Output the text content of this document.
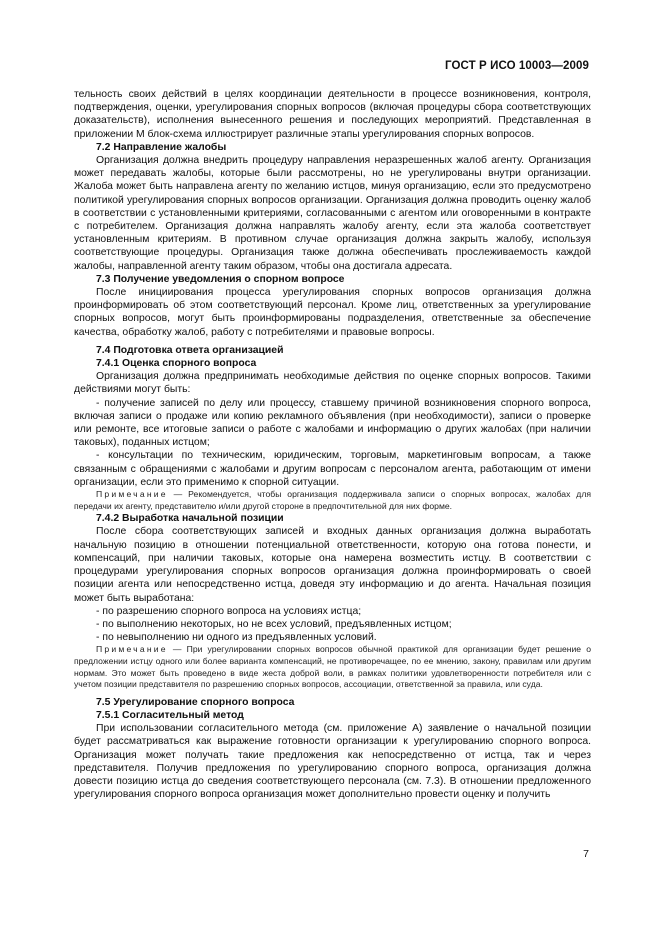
ГОСТ Р ИСО 10003—2009

тельность своих действий в целях координации деятельности в процессе возникновения, контроля, подтверждения, оценки, урегулирования спорных вопросов (включая процедуры сбора соответствующих доказательств), исполнения вынесенного решения и последующих мероприятий. Представленная в приложении М блок-схема иллюстрирует различные этапы урегулирования спорных вопросов.

7.2 Направление жалобы

Организация должна внедрить процедуру направления неразрешенных жалоб агенту. Организация может передавать жалобы, которые были рассмотрены, но не урегулированы внутри организации. Жалоба может быть направлена агенту по желанию истцов, минуя организацию, если это предусмотрено политикой урегулирования спорных вопросов организации. Организация должна проводить оценку жалоб в соответствии с установленными критериями, согласованными с агентом или оговоренными в контракте с потребителем. Организация должна направлять жалобу агенту, если эта жалоба соответствует установленным критериям. В противном случае организация должна закрыть жалобу, используя соответствующие процедуры. Организация также должна обеспечивать прослеживаемость каждой жалобы, направленной агенту таким образом, чтобы она достигала адресата.

7.3 Получение уведомления о спорном вопросе

После инициирования процесса урегулирования спорных вопросов организация должна проинформировать об этом соответствующий персонал. Кроме лиц, ответственных за урегулирование спорных вопросов, могут быть проинформированы подразделения, ответственные за обеспечение качества, обработку жалоб, работу с потребителями и правовые вопросы.

7.4 Подготовка ответа организацией

7.4.1 Оценка спорного вопроса

Организация должна предпринимать необходимые действия по оценке спорных вопросов. Такими действиями могут быть:

- получение записей по делу или процессу, ставшему причиной возникновения спорного вопроса, включая записи о продаже или копию рекламного объявления (при необходимости), записи о проверке или ремонте, все итоговые записи о работе с жалобами и информацию о других жалобах (при наличии таковых), поданных истцом;

- консультации по техническим, юридическим, торговым, маркетинговым вопросам, а также связанным с обращениями с жалобами и другим вопросам с персоналом агента, работающим от имени организации, если это применимо к спорной ситуации.

Примечание — Рекомендуется, чтобы организация поддерживала записи о спорных вопросах, жалобах для передачи их агенту, представителю и/или другой стороне в предпочтительной для них форме.

7.4.2 Выработка начальной позиции

После сбора соответствующих записей и входных данных организация должна выработать начальную позицию в отношении потенциальной ответственности, которую она готова понести, и компенсаций, при наличии таковых, которые она намерена возместить истцу. В соответствии с процедурами урегулирования спорных вопросов организация должна проинформировать о своей позиции агента или непосредственно истца, доведя эту информацию и до агента. Начальная позиция может быть выработана:

- по разрешению спорного вопроса на условиях истца;

- по выполнению некоторых, но не всех условий, предъявленных истцом;

- по невыполнению ни одного из предъявленных условий.

Примечание — При урегулировании спорных вопросов обычной практикой для организации будет решение о предложении истцу одного или более варианта компенсаций, не противоречащее, по ее мнению, закону, правилам или другим нормам. Это может быть проведено в виде жеста доброй воли, в рамках политики удовлетворенности потребителя или с учетом позиции представителя по разрешению спорных вопросов, ассоциации, ответственной за правила, или суда.

7.5 Урегулирование спорного вопроса

7.5.1 Согласительный метод

При использовании согласительного метода (см. приложение А) заявление о начальной позиции будет рассматриваться как выражение готовности организации к урегулированию спорного вопроса. Организация может получать такие предложения как непосредственно от истца, так и через представителя. Получив предложения по урегулированию спорного вопроса, организация должна довести позицию истца до сведения соответствующего персонала (см. 7.3). В отношении предложенного урегулирования спорного вопроса организация может дополнительно провести оценку и получить

7
